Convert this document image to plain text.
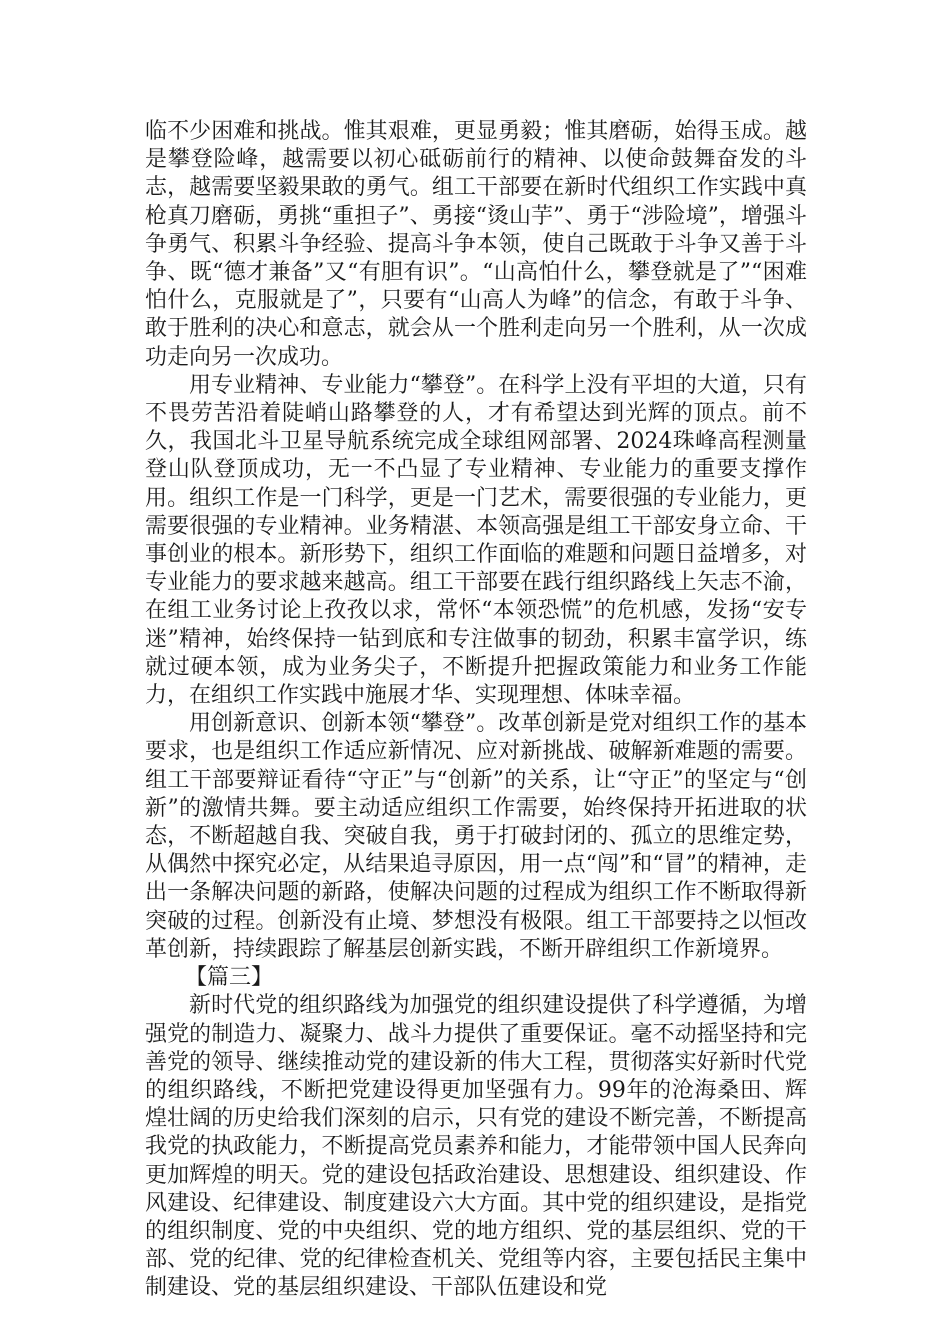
临不少困难和挑战。惟其艰难，更显勇毅；惟其磨砺，始得玉成。越是攀登险峰，越需要以初心砥砺前行的精神、以使命鼓舞奋发的斗志，越需要坚毅果敢的勇气。组工干部要在新时代组织工作实践中真枪真刀磨砺，勇挑“重担子”、勇接“烫山芋”、勇于“涉险境”，增强斗争勇气、积累斗争经验、提高斗争本领，使自己既敢于斗争又善于斗争、既“德才兼备”又“有胆有识”。“山高怕什么，攀登就是了”“困难怕什么，克服就是了”，只要有“山高人为峰”的信念，有敢于斗争、敢于胜利的决心和意志，就会从一个胜利走向另一个胜利，从一次成功走向另一次成功。

用专业精神、专业能力“攀登”。在科学上没有平坦的大道，只有不畏劳苦沿着陡峭山路攀登的人，才有希望达到光辉的顶点。前不久，我国北斗卫星导航系统完成全球组网部署、2024珠峰高程测量登山队登顶成功，无一不凸显了专业精神、专业能力的重要支撑作用。组织工作是一门科学，更是一门艺术，需要很强的专业能力，更需要很强的专业精神。业务精湛、本领高强是组工干部安身立命、干事创业的根本。新形势下，组织工作面临的难题和问题日益增多，对专业能力的要求越来越高。组工干部要在践行组织路线上矢志不渝，在组工业务讨论上孜孜以求，常怀“本领恐慌”的危机感，发扬“安专迷”精神，始终保持一钻到底和专注做事的韧劲，积累丰富学识，练就过硬本领，成为业务尖子，不断提升把握政策能力和业务工作能力，在组织工作实践中施展才华、实现理想、体味幸福。

用创新意识、创新本领“攀登”。改革创新是党对组织工作的基本要求，也是组织工作适应新情况、应对新挑战、破解新难题的需要。组工干部要辩证看待“守正”与“创新”的关系，让“守正”的坚定与“创新”的激情共舞。要主动适应组织工作需要，始终保持开拓进取的状态，不断超越自我、突破自我，勇于打破封闭的、孤立的思维定势，从偶然中探究必定，从结果追寻原因，用一点“闯”和“冒”的精神，走出一条解决问题的新路，使解决问题的过程成为组织工作不断取得新突破的过程。创新没有止境、梦想没有极限。组工干部要持之以恒改革创新，持续跟踪了解基层创新实践，不断开辟组织工作新境界。

【篇三】

新时代党的组织路线为加强党的组织建设提供了科学遵循，为增强党的制造力、凝聚力、战斗力提供了重要保证。毫不动摇坚持和完善党的领导、继续推动党的建设新的伟大工程，贯彻落实好新时代党的组织路线，不断把党建设得更加坚强有力。99年的沧海桑田、辉煌壮阔的历史给我们深刻的启示，只有党的建设不断完善，不断提高我党的执政能力，不断提高党员素养和能力，才能带领中国人民奔向更加辉煌的明天。党的建设包括政治建设、思想建设、组织建设、作风建设、纪律建设、制度建设六大方面。其中党的组织建设，是指党的组织制度、党的中央组织、党的地方组织、党的基层组织、党的干部、党的纪律、党的纪律检查机关、党组等内容，主要包括民主集中制建设、党的基层组织建设、干部队伍建设和党
